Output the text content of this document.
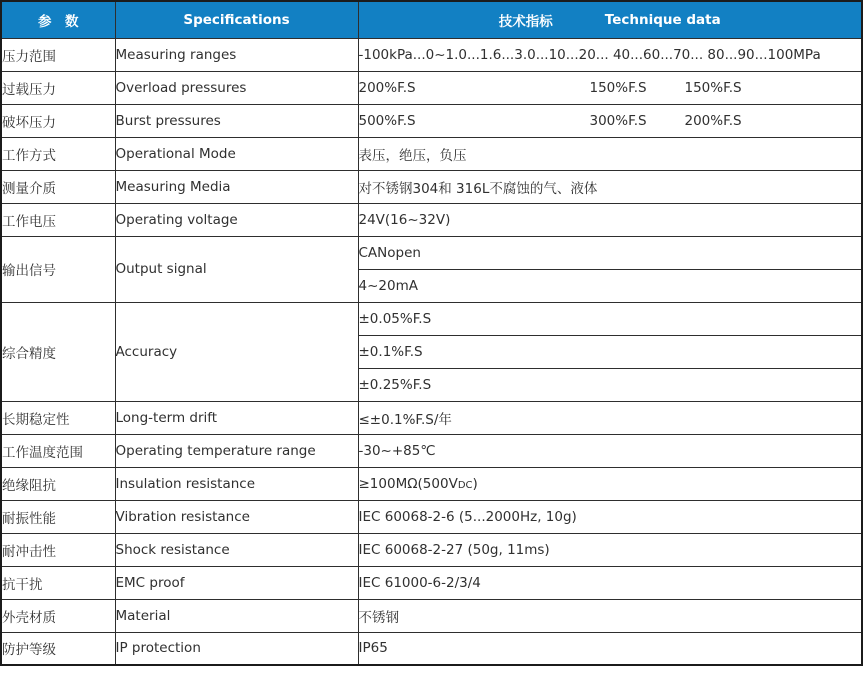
参　数	Specifications	技术指标 Technique data

压力范围	Measuring ranges	-100kPa...0~1.0...1.6...3.0...10...20... 40...60...70... 80...90...100MPa
过载压力	Overload pressures	200%F.S 150%F.S 150%F.S
破坏压力	Burst pressures	500%F.S 300%F.S 200%F.S
工作方式	Operational Mode	表压，绝压，负压
测量介质	Measuring Media	对不锈钢304和 316L不腐蚀的气、液体
工作电压	Operating voltage	24V(16~32V)
输出信号	Output signal	CANopen
		4~20mA
综合精度	Accuracy	±0.05%F.S
		±0.1%F.S
		±0.25%F.S
长期稳定性	Long-term drift	≤±0.1%F.S/年
工作温度范围	Operating temperature range	-30~+85℃
绝缘阻抗	Insulation resistance	≥100MΩ(500VDC)
耐振性能	Vibration resistance	IEC 60068-2-6 (5...2000Hz, 10g)
耐冲击性	Shock resistance	IEC 60068-2-27 (50g, 11ms)
抗干扰	EMC proof	IEC 61000-6-2/3/4
外壳材质	Material	不锈钢
防护等级	IP protection	IP65
